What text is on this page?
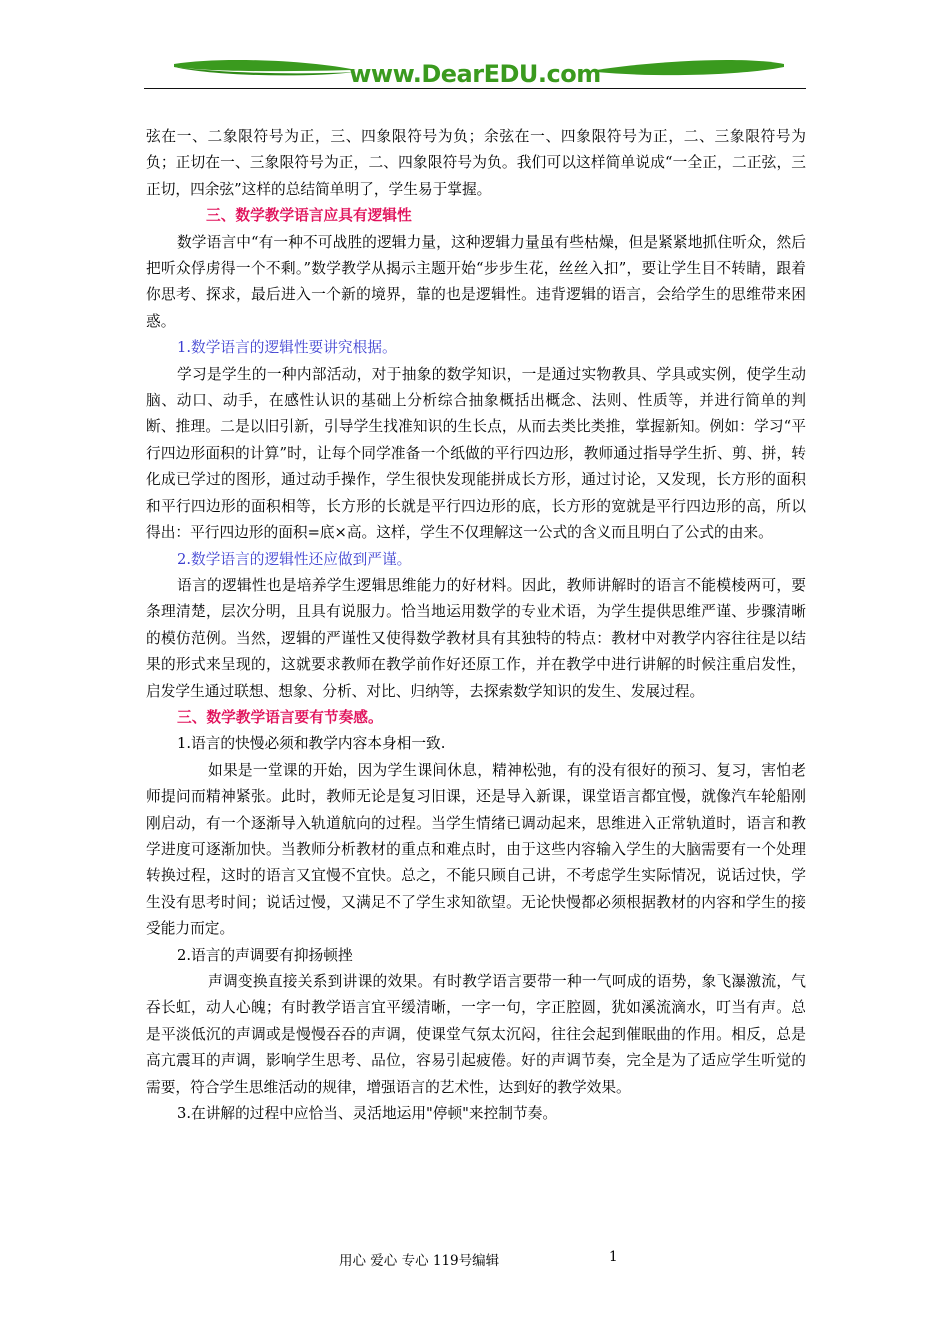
www.DearEDU.com

弦在一、二象限符号为正，三、四象限符号为负；余弦在一、四象限符号为正，二、三象限符号为负；正切在一、三象限符号为正，二、四象限符号为负。我们可以这样简单说成“一全正，二正弦，三正切，四余弦”这样的总结简单明了，学生易于掌握。

三、数学教学语言应具有逻辑性

数学语言中“有一种不可战胜的逻辑力量，这种逻辑力量虽有些枯燥，但是紧紧地抓住听众，然后把听众俘虏得一个不剩。”数学教学从揭示主题开始“步步生花，丝丝入扣”，要让学生目不转睛，跟着你思考、探求，最后进入一个新的境界，靠的也是逻辑性。违背逻辑的语言，会给学生的思维带来困惑。

1.数学语言的逻辑性要讲究根据。

学习是学生的一种内部活动，对于抽象的数学知识，一是通过实物教具、学具或实例，使学生动脑、动口、动手，在感性认识的基础上分析综合抽象概括出概念、法则、性质等，并进行简单的判断、推理。二是以旧引新，引导学生找准知识的生长点，从而去类比类推，掌握新知。例如：学习“平行四边形面积的计算”时，让每个同学准备一个纸做的平行四边形，教师通过指导学生折、剪、拼，转化成已学过的图形，通过动手操作，学生很快发现能拼成长方形，通过讨论，又发现，长方形的面积和平行四边形的面积相等，长方形的长就是平行四边形的底，长方形的宽就是平行四边形的高，所以得出：平行四边形的面积=底×高。这样，学生不仅理解这一公式的含义而且明白了公式的由来。

2.数学语言的逻辑性还应做到严谨。

语言的逻辑性也是培养学生逻辑思维能力的好材料。因此，教师讲解时的语言不能模棱两可，要条理清楚，层次分明，且具有说服力。恰当地运用数学的专业术语，为学生提供思维严谨、步骤清晰的模仿范例。当然，逻辑的严谨性又使得数学教材具有其独特的特点：教材中对教学内容往往是以结果的形式来呈现的，这就要求教师在教学前作好还原工作，并在教学中进行讲解的时候注重启发性，启发学生通过联想、想象、分析、对比、归纳等，去探索数学知识的发生、发展过程。

三、数学教学语言要有节奏感。

1.语言的快慢必须和教学内容本身相一致.

如果是一堂课的开始，因为学生课间休息，精神松弛，有的没有很好的预习、复习，害怕老师提问而精神紧张。此时，教师无论是复习旧课，还是导入新课，课堂语言都宜慢，就像汽车轮船刚刚启动，有一个逐渐导入轨道航向的过程。当学生情绪已调动起来，思维进入正常轨道时，语言和教学进度可逐渐加快。当教师分析教材的重点和难点时，由于这些内容输入学生的大脑需要有一个处理转换过程，这时的语言又宜慢不宜快。总之，不能只顾自己讲，不考虑学生实际情况，说话过快，学生没有思考时间；说话过慢，又满足不了学生求知欲望。无论快慢都必须根据教材的内容和学生的接受能力而定。

2.语言的声调要有抑扬顿挫

声调变换直接关系到讲课的效果。有时教学语言要带一种一气呵成的语势，象飞瀑激流，气吞长虹，动人心魄；有时教学语言宜平缓清晰，一字一句，字正腔圆，犹如溪流滴水，叮当有声。总是平淡低沉的声调或是慢慢吞吞的声调，使课堂气氛太沉闷，往往会起到催眠曲的作用。相反，总是高亢震耳的声调，影响学生思考、品位，容易引起疲倦。好的声调节奏，完全是为了适应学生听觉的需要，符合学生思维活动的规律，增强语言的艺术性，达到好的教学效果。

3.在讲解的过程中应恰当、灵活地运用"停顿"来控制节奏。

用心 爱心 专心 119号编辑	1
